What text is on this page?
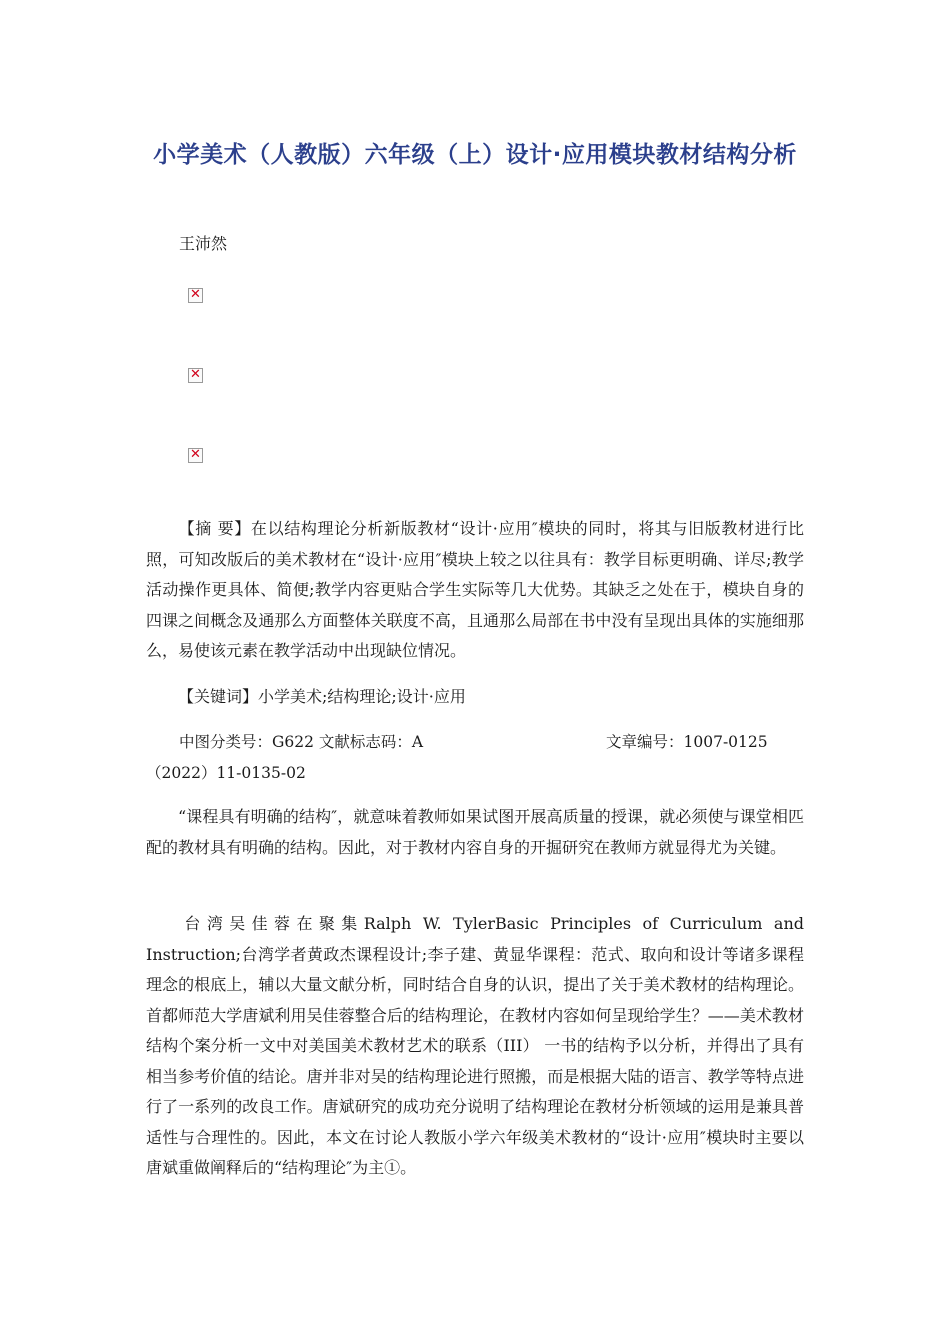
小学美术（人教版）六年级（上）设计·应用模块教材结构分析
王沛然
✕
✕
✕

【摘 要】在以结构理论分析新版教材“设计·应用″模块的同时，将其与旧版教材进行比照，可知改版后的美术教材在“设计·应用″模块上较之以往具有：教学目标更明确、详尽;教学活动操作更具体、简便;教学内容更贴合学生实际等几大优势。其缺乏之处在于，模块自身的四课之间概念及通那么方面整体关联度不高，且通那么局部在书中没有呈现出具体的实施细那么，易使该元素在教学活动中出现缺位情况。

【关键词】小学美术;结构理论;设计·应用

中图分类号：G622 文献标志码：A	文章编号：1007-0125
（2022）11-0135-02

“课程具有明确的结构″，就意味着教师如果试图开展高质量的授课，就必须使与课堂相匹配的教材具有明确的结构。因此，对于教材内容自身的开掘研究在教师方就显得尤为关键。

台湾吴佳蓉在聚集Ralph W. TylerBasic Principles of Curriculum and Instruction;台湾学者黄政杰课程设计;李子建、黄显华课程：范式、取向和设计等诸多课程理念的根底上，辅以大量文献分析，同时结合自身的认识，提出了关于美术教材的结构理论。首都师范大学唐斌利用吴佳蓉整合后的结构理论，在教材内容如何呈现给学生？——美术教材结构个案分析一文中对美国美术教材艺术的联系（III） 一书的结构予以分析，并得出了具有相当参考价值的结论。唐并非对吴的结构理论进行照搬，而是根据大陆的语言、教学等特点进行了一系列的改良工作。唐斌研究的成功充分说明了结构理论在教材分析领域的运用是兼具普适性与合理性的。因此，本文在讨论人教版小学六年级美术教材的“设计·应用″模块时主要以唐斌重做阐释后的“结构理论″为主①。
